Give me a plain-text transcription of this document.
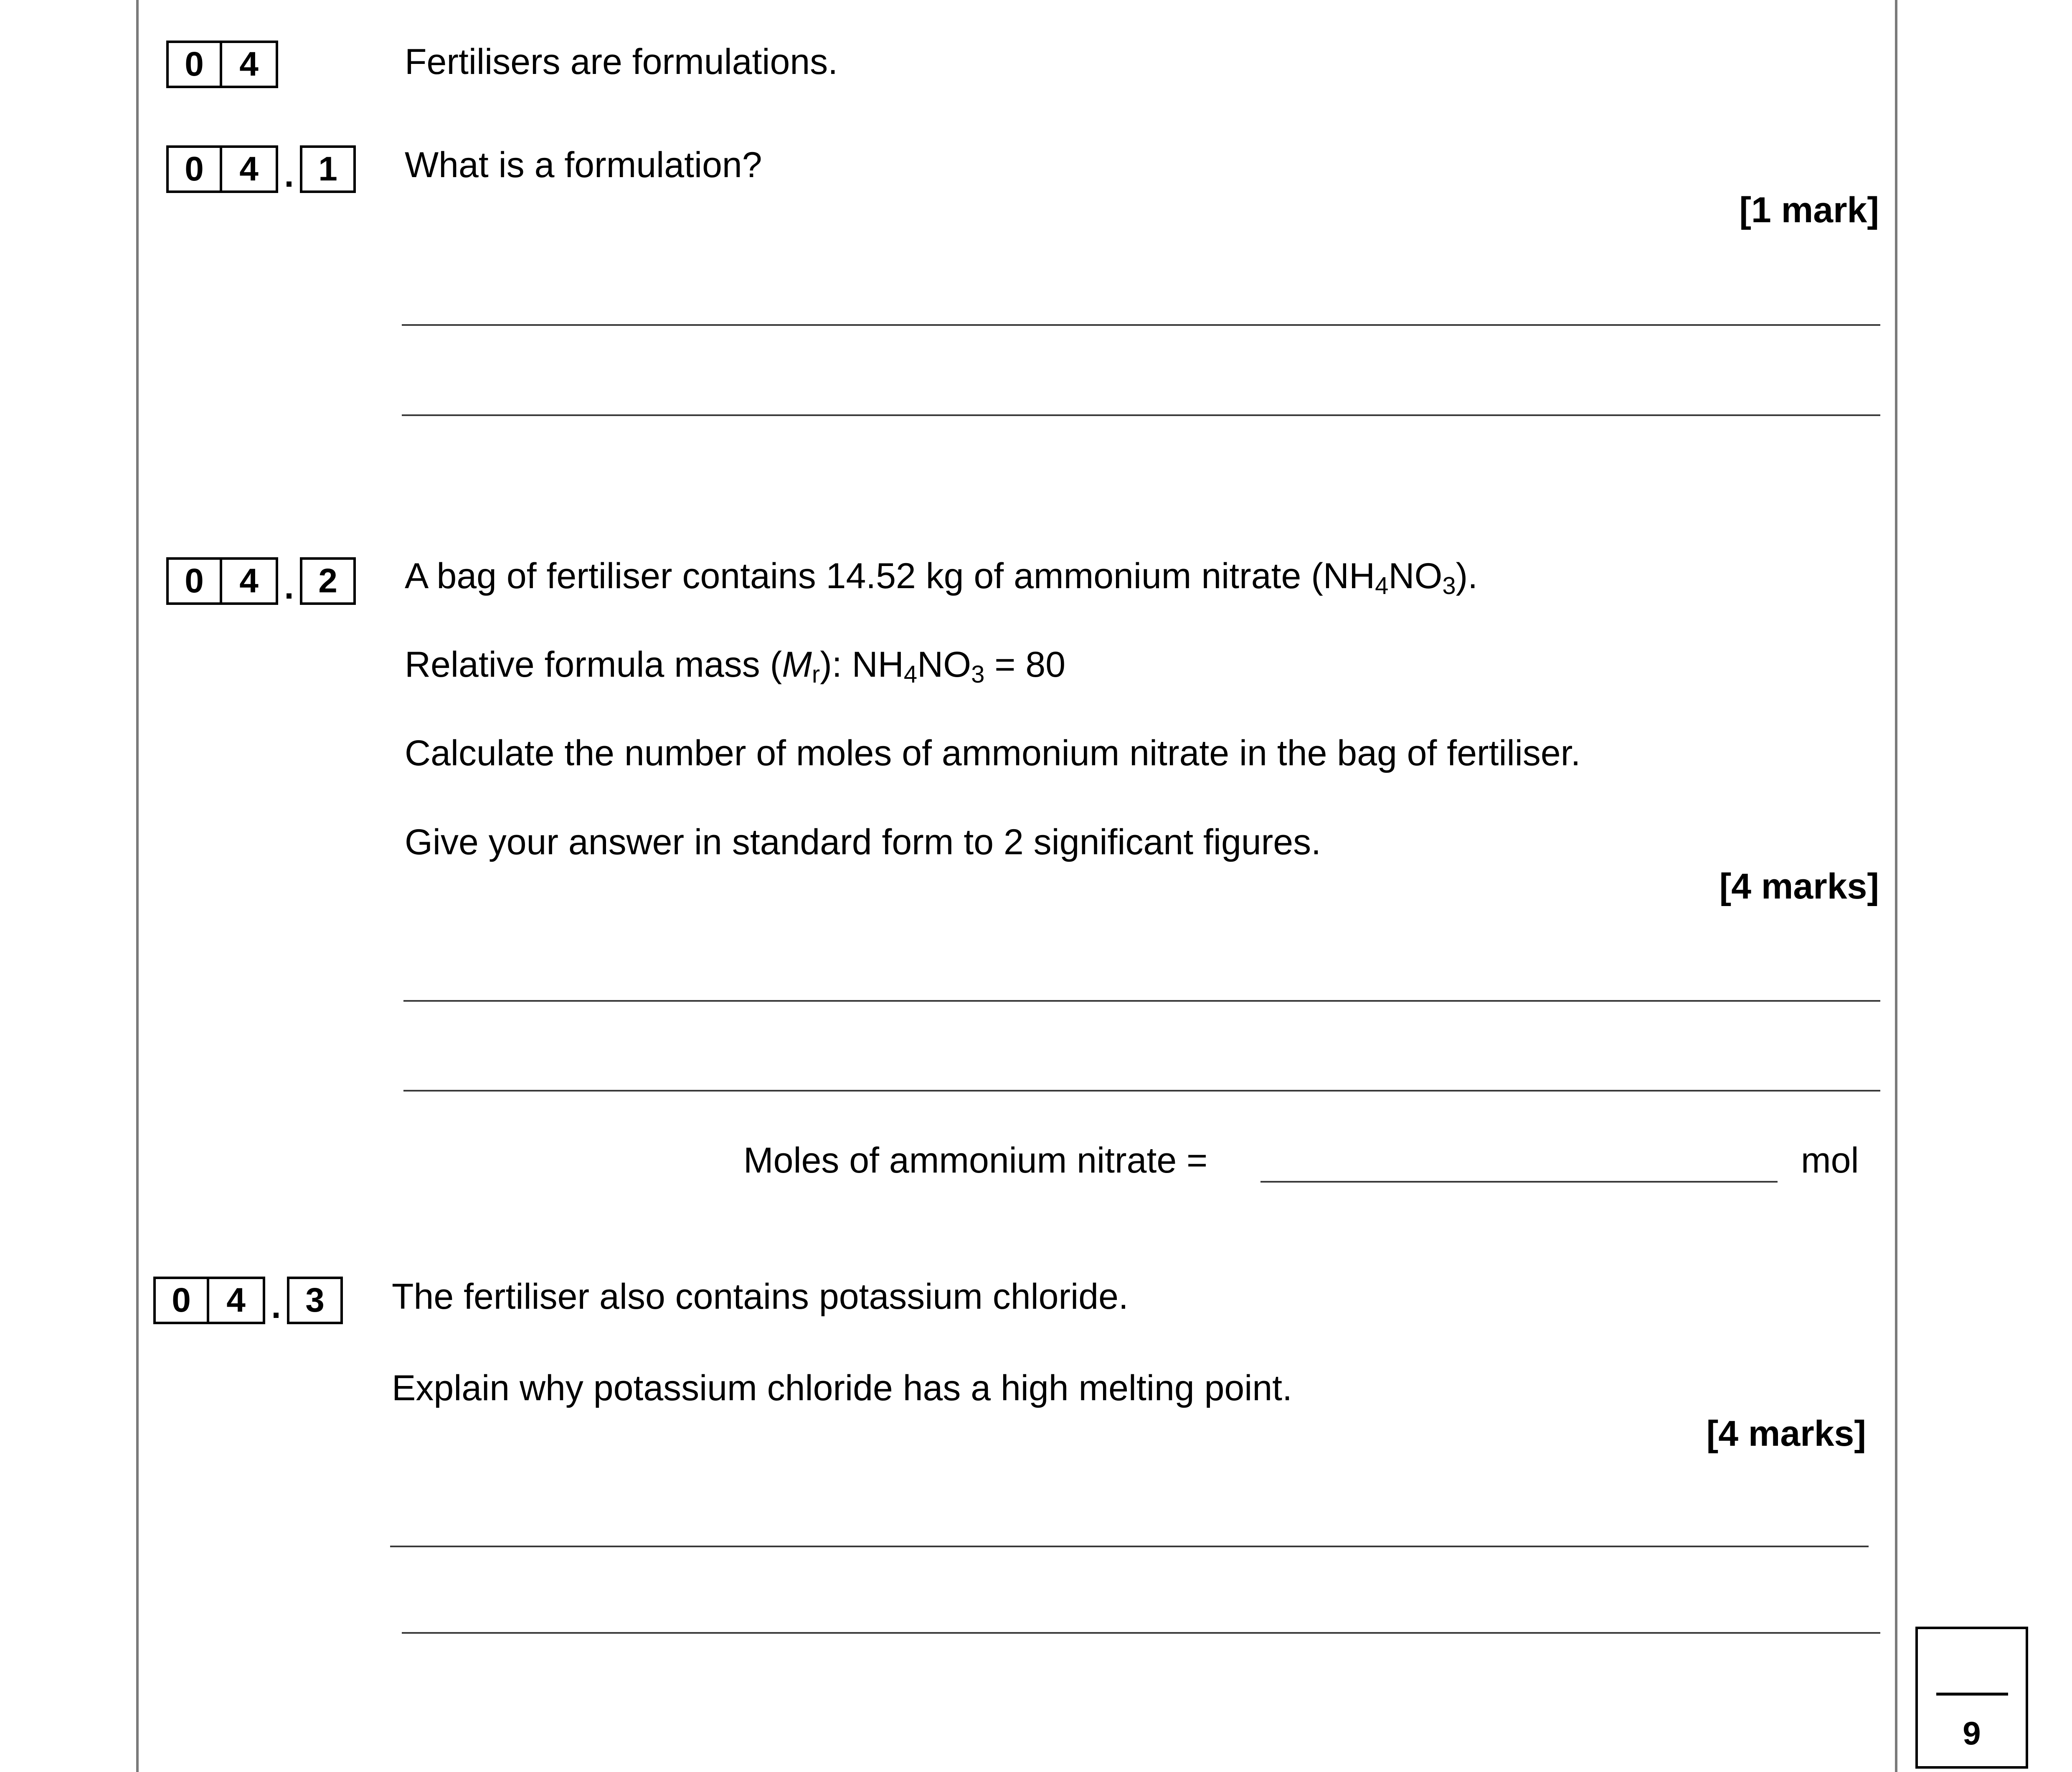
0	4	Fertilisers are formulations.
0	4 . 1	What is a formulation?
[1 mark]
0	4 . 2	A bag of fertiliser contains 14.52 kg of ammonium nitrate $(NH_4NO_3)$.
Relative formula mass $(M_r)$: $NH_4NO_3 = 80$
Calculate the number of moles of ammonium nitrate in the bag of fertiliser.
Give your answer in standard form to 2 significant figures.
[4 marks]
Moles of ammonium nitrate =	mol
0	4 . 3	The fertiliser also contains potassium chloride.
Explain why potassium chloride has a high melting point.
[4 marks]
9
